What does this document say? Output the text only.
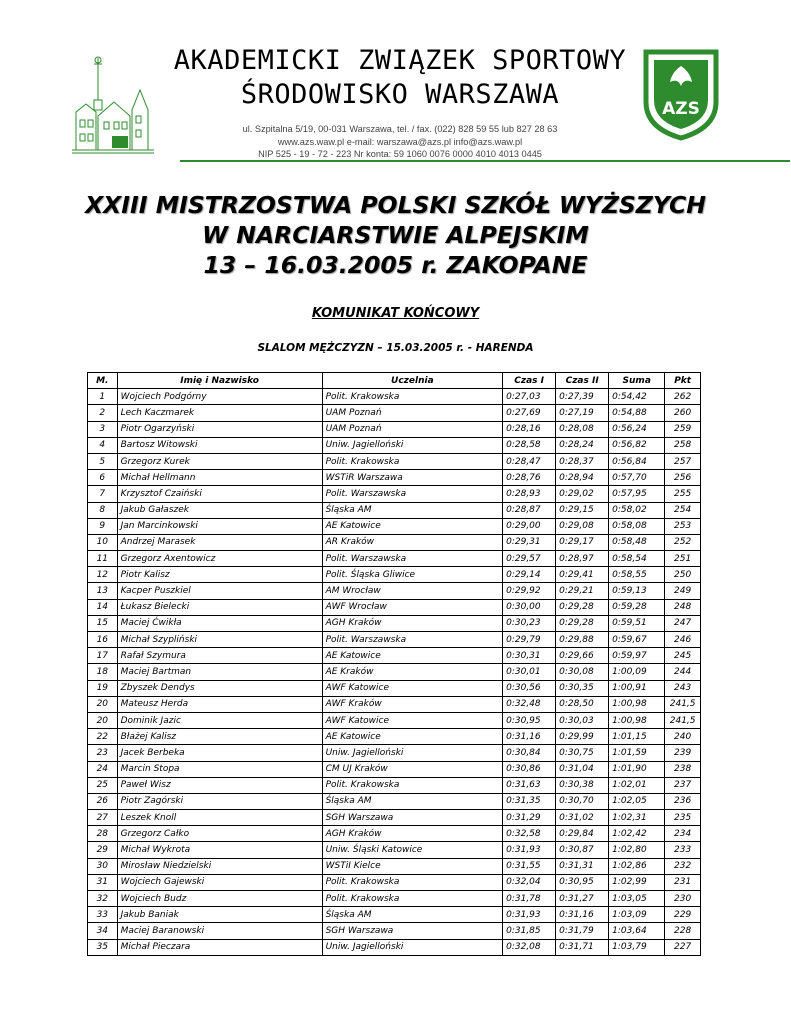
AKADEMICKI ZWIĄZEK SPORTOWY
ŚRODOWISKO WARSZAWA
ul. Szpitalna 5/19, 00-031 Warszawa, tel. / fax. (022) 828 59 55 lub 827 28 63
www.azs.waw.pl e-mail: warszawa@azs.pl info@azs.waw.pl
NIP 525 - 19 - 72 - 223 Nr konta: 59 1060 0076 0000 4010 4013 0445
AZS
XXIII MISTRZOSTWA POLSKI SZKÓŁ WYŻSZYCH
W NARCIARSTWIE ALPEJSKIM
13 – 16.03.2005 r. ZAKOPANE
KOMUNIKAT KOŃCOWY
SLALOM MĘŻCZYZN – 15.03.2005 r. - HARENDA
M.	Imię i Nazwisko	Uczelnia	Czas I	Czas II	Suma	Pkt
1	Wojciech Podgórny	Polit. Krakowska	0:27,03	0:27,39	0:54,42	262
2	Lech Kaczmarek	UAM Poznań	0:27,69	0:27,19	0:54,88	260
3	Piotr Ogarzyński	UAM Poznań	0:28,16	0:28,08	0:56,24	259
4	Bartosz Witowski	Uniw. Jagielloński	0:28,58	0:28,24	0:56,82	258
5	Grzegorz Kurek	Polit. Krakowska	0:28,47	0:28,37	0:56,84	257
6	Michał Hellmann	WSTiR Warszawa	0:28,76	0:28,94	0:57,70	256
7	Krzysztof Czaiński	Polit. Warszawska	0:28,93	0:29,02	0:57,95	255
8	Jakub Gałaszek	Śląska AM	0:28,87	0:29,15	0:58,02	254
9	Jan Marcinkowski	AE Katowice	0:29,00	0:29,08	0:58,08	253
10	Andrzej Marasek	AR Kraków	0:29,31	0:29,17	0:58,48	252
11	Grzegorz Axentowicz	Polit. Warszawska	0:29,57	0:28,97	0:58,54	251
12	Piotr Kalisz	Polit. Śląska Gliwice	0:29,14	0:29,41	0:58,55	250
13	Kacper Puszkiel	AM Wrocław	0:29,92	0:29,21	0:59,13	249
14	Łukasz Bielecki	AWF Wrocław	0:30,00	0:29,28	0:59,28	248
15	Maciej Ćwikła	AGH Kraków	0:30,23	0:29,28	0:59,51	247
16	Michał Szypliński	Polit. Warszawska	0:29,79	0:29,88	0:59,67	246
17	Rafał Szymura	AE Katowice	0:30,31	0:29,66	0:59,97	245
18	Maciej Bartman	AE Kraków	0:30,01	0:30,08	1:00,09	244
19	Zbyszek Dendys	AWF Katowice	0:30,56	0:30,35	1:00,91	243
20	Mateusz Herda	AWF Kraków	0:32,48	0:28,50	1:00,98	241,5
20	Dominik Jazic	AWF Katowice	0:30,95	0:30,03	1:00,98	241,5
22	Błażej Kalisz	AE Katowice	0:31,16	0:29,99	1:01,15	240
23	Jacek Berbeka	Uniw. Jagielloński	0:30,84	0:30,75	1:01,59	239
24	Marcin Stopa	CM UJ Kraków	0:30,86	0:31,04	1:01,90	238
25	Paweł Wisz	Polit. Krakowska	0:31,63	0:30,38	1:02,01	237
26	Piotr Zagórski	Śląska AM	0:31,35	0:30,70	1:02,05	236
27	Leszek Knoll	SGH Warszawa	0:31,29	0:31,02	1:02,31	235
28	Grzegorz Całko	AGH Kraków	0:32,58	0:29,84	1:02,42	234
29	Michał Wykrota	Uniw. Śląski Katowice	0:31,93	0:30,87	1:02,80	233
30	Mirosław Niedzielski	WSTiI Kielce	0:31,55	0:31,31	1:02,86	232
31	Wojciech Gajewski	Polit. Krakowska	0:32,04	0:30,95	1:02,99	231
32	Wojciech Budz	Polit. Krakowska	0:31,78	0:31,27	1:03,05	230
33	Jakub Baniak	Śląska AM	0:31,93	0:31,16	1:03,09	229
34	Maciej Baranowski	SGH Warszawa	0:31,85	0:31,79	1:03,64	228
35	Michał Pieczara	Uniw. Jagielloński	0:32,08	0:31,71	1:03,79	227
